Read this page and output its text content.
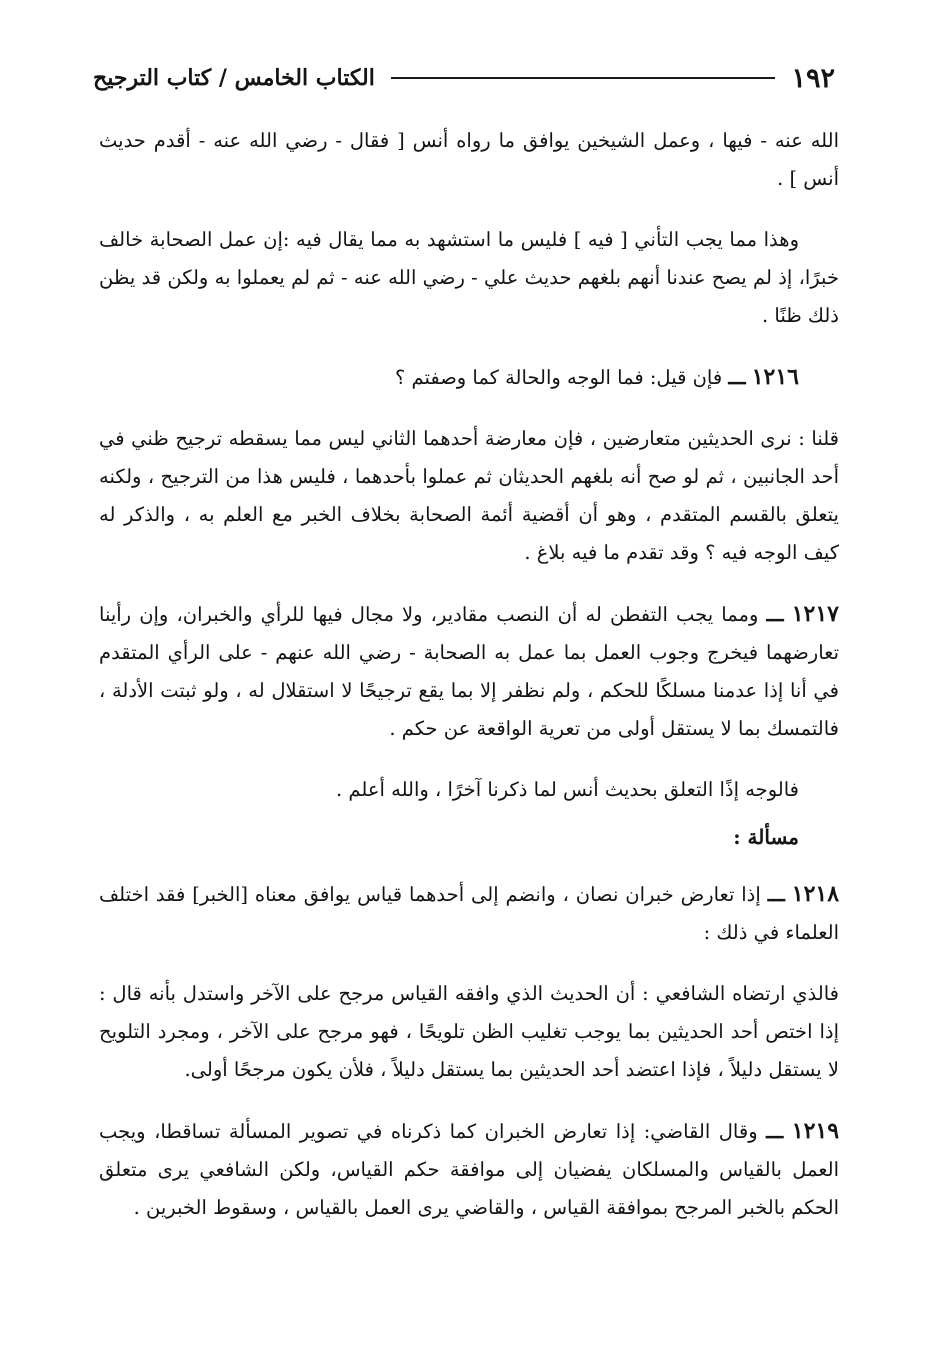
١٩٢
الكتاب الخامس / كتاب الترجيح

الله عنه - فيها ، وعمل الشيخين يوافق ما رواه أنس [ فقال - رضي الله عنه - أقدم حديث أنس ] .

وهذا مما يجب التأني [ فيه ] فليس ما استشهد به مما يقال فيه :إن عمل الصحابة خالف خبرًا، إذ لم يصح عندنا أنهم بلغهم حديث علي - رضي الله عنه - ثم لم يعملوا به ولكن قد يظن ذلك ظنًا .

١٢١٦ ـــ فإن قيل: فما الوجه والحالة كما وصفتم ؟

قلنا : نرى الحديثين متعارضين ، فإن معارضة أحدهما الثاني ليس مما يسقطه ترجيح ظني في أحد الجانبين ، ثم لو صح أنه بلغهم الحديثان ثم عملوا بأحدهما ، فليس هذا من الترجيح ، ولكنه يتعلق بالقسم المتقدم ، وهو أن أقضية أئمة الصحابة بخلاف الخبر مع العلم به ، والذكر له كيف الوجه فيه ؟ وقد تقدم ما فيه بلاغ .

١٢١٧ ـــ ومما يجب التفطن له أن النصب مقادير، ولا مجال فيها للرأي والخبران، وإن رأينا تعارضهما فيخرج وجوب العمل بما عمل به الصحابة - رضي الله عنهم - على الرأي المتقدم في أنا إذا عدمنا مسلكًا للحكم ، ولم نظفر إلا بما يقع ترجيحًا لا استقلال له ، ولو ثبتت الأدلة ، فالتمسك بما لا يستقل أولى من تعرية الواقعة عن حكم .

فالوجه إذًا التعلق بحديث أنس لما ذكرنا آخرًا ، والله أعلم .

مسألة :

١٢١٨ ـــ إذا تعارض خبران نصان ، وانضم إلى أحدهما قياس يوافق معناه [الخبر] فقد اختلف العلماء في ذلك :

فالذي ارتضاه الشافعي : أن الحديث الذي وافقه القياس مرجح على الآخر واستدل بأنه قال : إذا اختص أحد الحديثين بما يوجب تغليب الظن تلويحًا ، فهو مرجح على الآخر ، ومجرد التلويح لا يستقل دليلاً ، فإذا اعتضد أحد الحديثين بما يستقل دليلاً ، فلأن يكون مرجحًا أولى.

١٢١٩ ـــ وقال القاضي: إذا تعارض الخبران كما ذكرناه في تصوير المسألة تساقطا، ويجب العمل بالقياس والمسلكان يفضيان إلى موافقة حكم القياس، ولكن الشافعي يرى متعلق الحكم بالخبر المرجح بموافقة القياس ، والقاضي يرى العمل بالقياس ، وسقوط الخبرين .
